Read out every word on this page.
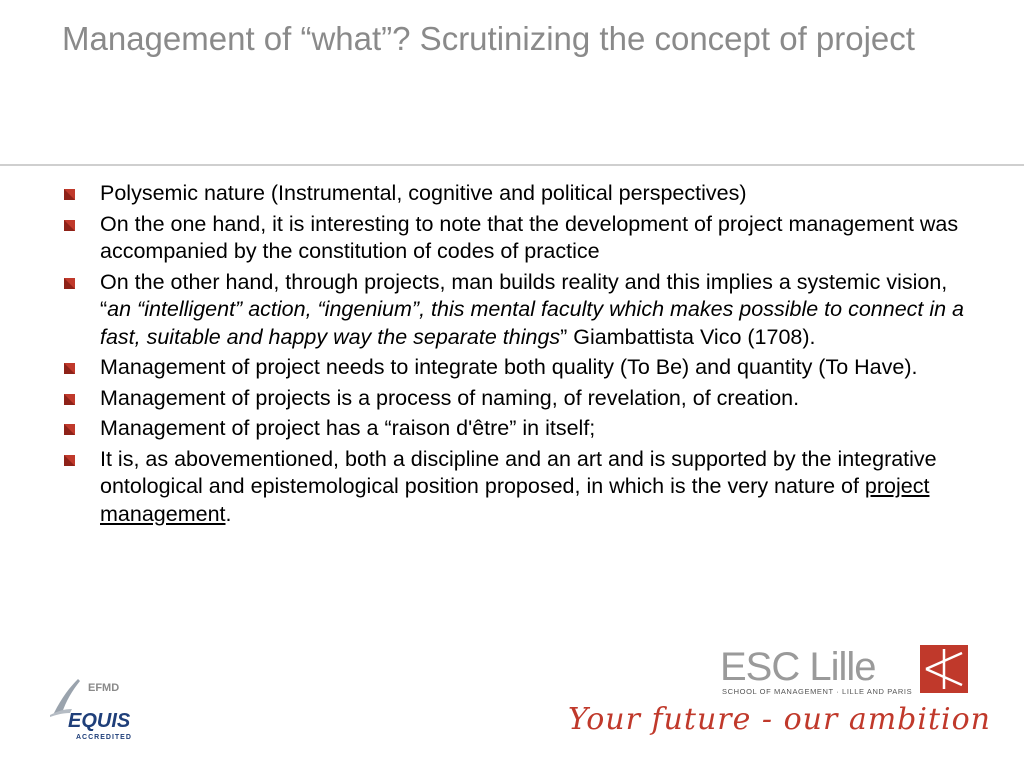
Management of “what”? Scrutinizing the concept of project
Polysemic nature (Instrumental, cognitive and political perspectives)
On the one hand, it is interesting to note that the development of project management was accompanied by the constitution of codes of practice
On the other hand, through projects, man builds reality and this implies a systemic vision, “an “intelligent” action, “ingenium”, this mental faculty which makes possible to connect in a fast, suitable and happy way the separate things” Giambattista Vico (1708).
Management of project needs to integrate both quality (To Be) and quantity (To Have).
Management of projects is a process of naming, of revelation, of creation.
Management of project has a “raison d'être” in itself;
It is, as abovementioned, both a discipline and an art and is supported by the integrative ontological and epistemological position proposed, in which is the very nature of project management.
EFMD
EQUIS
ACCREDITED
ESC Lille
SCHOOL OF MANAGEMENT · LILLE AND PARIS
Your future - our ambition
